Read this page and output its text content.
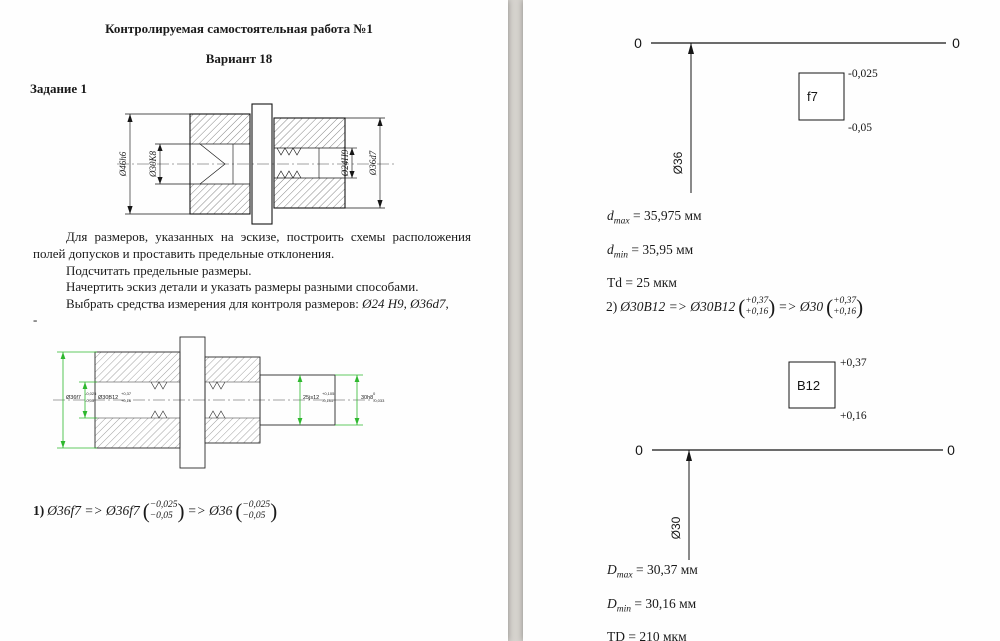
Контролируемая самостоятельная работа №1
Вариант 18
Задание 1
Ø46h6 Ø30K8	Ø24H9 Ø36d7

Для размеров, указанных на эскизе, построить схемы расположения полей допусков и проставить предельные отклонения.

Подсчитать предельные размеры.

Начертить эскиз детали и указать размеры разными способами.

Выбрать средства измерения для контроля размеров: Ø24 Н9, Ø36d7,

-
Ø36f7
-0,025
-0,05 Ø30B12
+0,37
+0,16	25js12
+0,105
-0,105	30h8
0
-0,033
1) Ø36f7 => Ø36f7 ( −0,025
−0,05 ) => Ø36 ( −0,025
−0,05 )
0	0
Ø36
f7
-0,025
-0,05
$d_{max} = 35,975$ мм
$d_{min} = 35,95$ мм
Td = 25 мкм
2) Ø30B12 => Ø30B12 ( +0,37
+0,16 ) => Ø30 ( +0,37
+0,16 )
B12
+0,37
+0,16
0	0
Ø30
$D_{max} = 30,37$ мм
$D_{min} = 30,16$ мм
TD = 210 мкм
